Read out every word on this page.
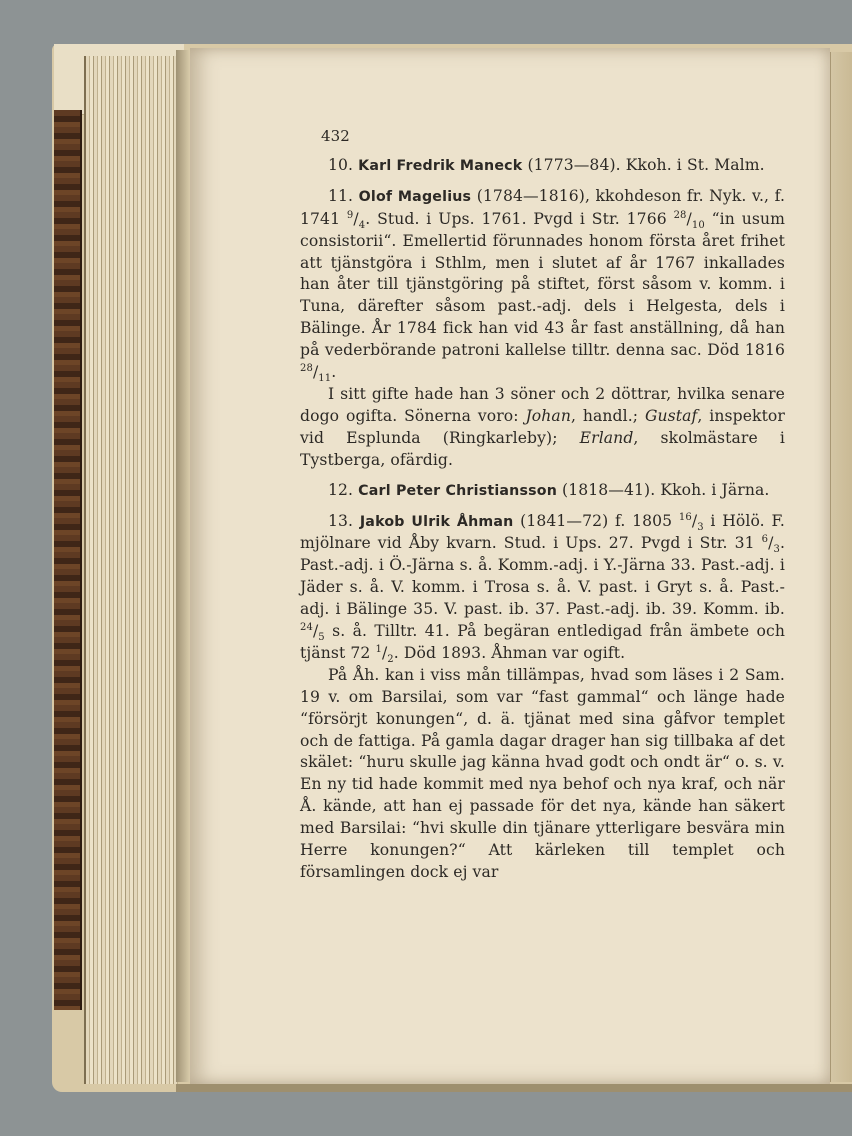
432

10. Karl Fredrik Maneck (1773—84). Kkoh. i St. Malm.

11. Olof Magelius (1784—1816), kkohdeson fr. Nyk. v., f. 1741 $^9/_4$. Stud. i Ups. 1761. Pvgd i Str. 1766 $^{28}/_{10}$ “in usum consistorii“. Emellertid förunnades honom första året frihet att tjänstgöra i Sthlm, men i slutet af år 1767 inkallades han åter till tjänstgöring på stiftet, först såsom v. komm. i Tuna, därefter såsom past.-adj. dels i Helgesta, dels i Bälinge. År 1784 fick han vid 43 år fast anställning, då han på vederbörande patroni kallelse tilltr. denna sac. Död 1816 $^{28}/_{11}$.

I sitt gifte hade han 3 söner och 2 döttrar, hvilka senare dogo ogifta. Sönerna voro: Johan, handl.; Gustaf, inspektor vid Esplunda (Ringkarleby); Erland, skolmästare i Tystberga, ofärdig.

12. Carl Peter Christiansson (1818—41). Kkoh. i Järna.

13. Jakob Ulrik Åhman (1841—72) f. 1805 $^{16}/_3$ i Hölö. F. mjölnare vid Åby kvarn. Stud. i Ups. 27. Pvgd i Str. 31 $^6/_3$. Past.-adj. i Ö.-Järna s. å. Komm.-adj. i Y.-Järna 33. Past.-adj. i Jäder s. å. V. komm. i Trosa s. å. V. past. i Gryt s. å. Past.-adj. i Bälinge 35. V. past. ib. 37. Past.-adj. ib. 39. Komm. ib. $^{24}/_5$ s. å. Tilltr. 41. På begäran entledigad från ämbete och tjänst 72 $^1/_2$. Död 1893. Åhman var ogift.

På Åh. kan i viss mån tillämpas, hvad som läses i 2 Sam. 19 v. om Barsilai, som var “fast gammal“ och länge hade “försörjt konungen“, d. ä. tjänat med sina gåfvor templet och de fattiga. På gamla dagar drager han sig tillbaka af det skälet: “huru skulle jag känna hvad godt och ondt är“ o. s. v. En ny tid hade kommit med nya behof och nya kraf, och när Å. kände, att han ej passade för det nya, kände han säkert med Barsilai: “hvi skulle din tjänare ytterligare besvära min Herre konungen?“ Att kärleken till templet och församlingen dock ej var
